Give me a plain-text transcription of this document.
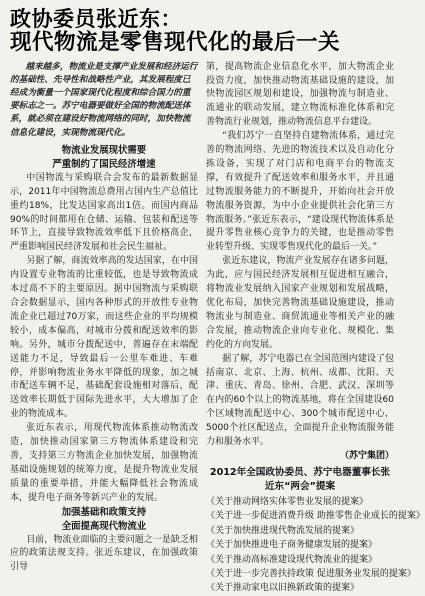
政协委员张近东：
现代物流是零售现代化的最后一关

越来越多，物流业是支撑产业发展和经济运行的基础性、先导性和战略性产业，其发展程度已经成为衡量一个国家现代化程度和综合国力的重要标志之一。苏宁电器要做好全国的物流配送体系，就必须在建设好物流网络的同时，加快物流信息化建设，实现物流现代化。

物流业发展现状需要
严重制约了国民经济增速

中国物流与采购联合会发布的最新数据显示，2011年中国物流总费用占国内生产总值比重约18%，比发达国家高出1倍。而国内商品90%的时间都用在仓储、运输、包装和配送等环节上，直接导致物流效率低下且价格高企，严重影响国民经济发展和社会民生福祉。

另据了解，商流效率高的发达国家，在中国内设置专业物流的比重较低，也是导致物流成本过高不下的主要原因。据中国物流与采购联合会数据显示，国内各种形式的开放性专业物流企业已超过70万家，而这些企业的平均规模较小，成本偏高，对城市分拨和配送效率的影响。另外，城市分拨配送中，普遍存在末端配送能力不足，导致最后一公里车难进、车难停，并影响物流业务水平降低的现象，加之城市配送车辆不足，基础配套设施相对落后，配送效率长期低于国际先进水平，大大增加了企业的物流成本。

张近东表示，用现代物流体系推动物流改造，加快推动国家第三方物流体系建设和完善，支持第三方物流企业加快发展，加强物流基础设施规划的统筹力度，是提升物流业发展质量的重要举措，并能大幅降低社会物流成本，提升电子商务等新兴产业的发展。

加强基础和政策支持
全面提高现代物流业

目前，物流业面临的主要问题之一是缺乏相应的政策法规支持。张近东建议，在加强政策引导

第，提高物流企业信息化水平，加大物流企业投资力度，加快推动物流基础设施的建设，加快物流园区规划和建设，加强物流与制造业、流通业的联动发展，建立物流标准化体系和完善物流行业规划，推动物流信息平台建设。

“我们苏宁一直坚持自建物流体系，通过完善的物流网络、先进的物流技术以及自动化分拣设备，实现了对门店和电商平台的物流支撑，有效提升了配送效率和服务水平，并且通过物流服务能力的不断提升，开始向社会开放物流服务资源，为中小企业提供社会化第三方物流服务。”张近东表示，“建设现代物流体系是提升零售业核心竞争力的关键，也是推动零售业转型升级、实现零售现代化的最后一关。”

张近东建议，物流产业发展存在诸多问题，为此，应与国民经济发展相互促进相互融合，将物流业发展纳入国家产业规划和发展战略，优化布局，加快完善物流基础设施建设，推动物流业与制造业、商贸流通业等相关产业的融合发展，推动物流企业向专业化、规模化、集约化的方向发展。

据了解，苏宁电器已在全国范围内建设了包括南京、北京、上海、杭州、成都、沈阳、天津、重庆、青岛、徐州、合肥、武汉、深圳等在内的60个以上的物流基地，将在全国建设60个区域物流配送中心、300个城市配送中心，5000个社区配送点，全面提升企业物流服务能力和服务水平。

（苏宁集团）
2012年全国政协委员、苏宁电器董事长张近东“两会”提案
《关于推动网络实体零售业发展的提案》
《关于进一步促进消费升级 助推零售企业成长的提案》
《关于加快推进现代物流发展的提案》
《关于加快推进电子商务健康发展的提案》
《关于推动高标准建设现代物流业的提案》
《关于进一步完善扶持政策 促进服务业发展的提案》
《关于推动家电以旧换新政策的提案》
